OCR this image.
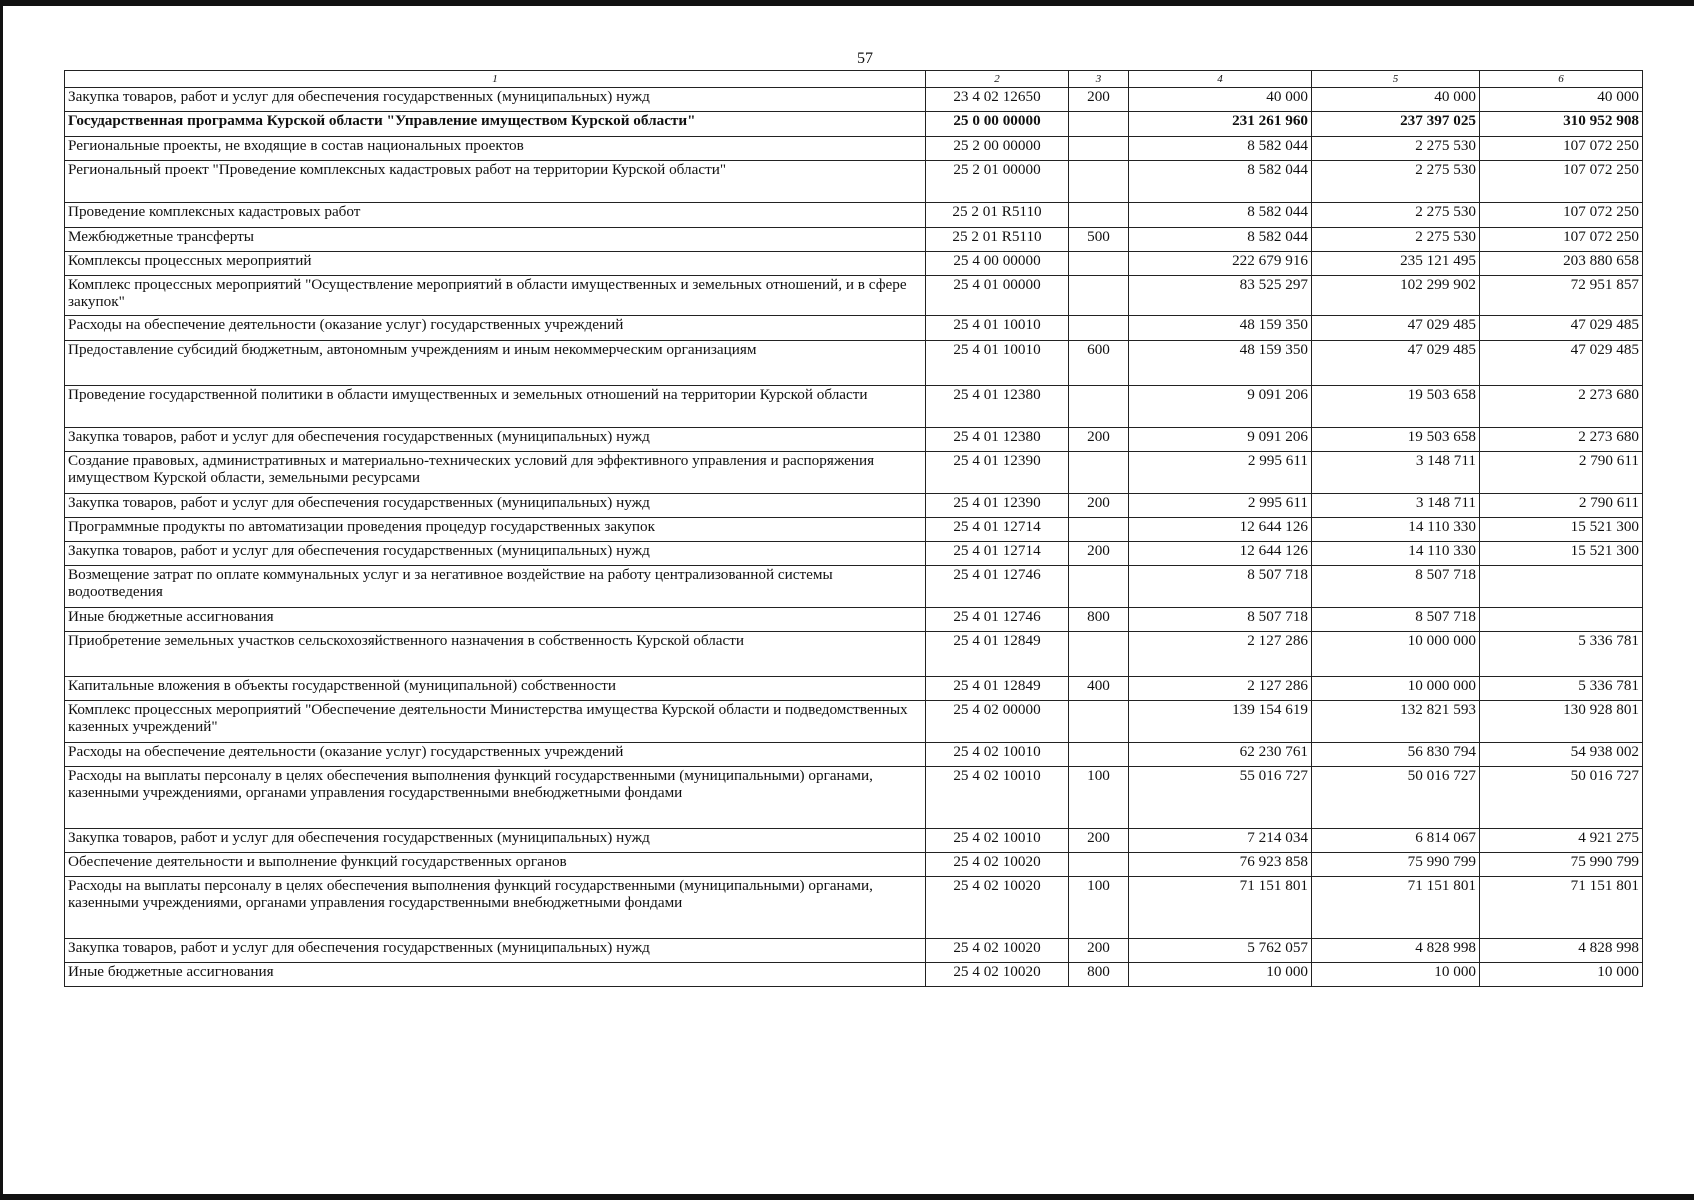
57
1	2	3	4	5	6
Закупка товаров, работ и услуг для обеспечения государственных (муниципальных) нужд	23 4 02 12650	200	40 000	40 000	40 000
Государственная программа Курской области "Управление имуществом Курской области"	25 0 00 00000		231 261 960	237 397 025	310 952 908
Региональные проекты, не входящие в состав национальных проектов	25 2 00 00000		8 582 044	2 275 530	107 072 250
Региональный проект "Проведение комплексных кадастровых работ на территории Курской области"	25 2 01 00000		8 582 044	2 275 530	107 072 250
Проведение комплексных кадастровых работ	25 2 01 R5110		8 582 044	2 275 530	107 072 250
Межбюджетные трансферты	25 2 01 R5110	500	8 582 044	2 275 530	107 072 250
Комплексы процессных мероприятий	25 4 00 00000		222 679 916	235 121 495	203 880 658
Комплекс процессных мероприятий "Осуществление мероприятий в области имущественных и земельных отношений, и в сфере закупок"	25 4 01 00000		83 525 297	102 299 902	72 951 857
Расходы на обеспечение деятельности (оказание услуг) государственных учреждений	25 4 01 10010		48 159 350	47 029 485	47 029 485
Предоставление субсидий бюджетным, автономным учреждениям и иным некоммерческим организациям	25 4 01 10010	600	48 159 350	47 029 485	47 029 485
Проведение государственной политики в области имущественных и земельных отношений на территории Курской области	25 4 01 12380		9 091 206	19 503 658	2 273 680
Закупка товаров, работ и услуг для обеспечения государственных (муниципальных) нужд	25 4 01 12380	200	9 091 206	19 503 658	2 273 680
Создание правовых, административных и материально-технических условий для эффективного управления и распоряжения имуществом Курской области, земельными ресурсами	25 4 01 12390		2 995 611	3 148 711	2 790 611
Закупка товаров, работ и услуг для обеспечения государственных (муниципальных) нужд	25 4 01 12390	200	2 995 611	3 148 711	2 790 611
Программные продукты по автоматизации проведения процедур государственных закупок	25 4 01 12714		12 644 126	14 110 330	15 521 300
Закупка товаров, работ и услуг для обеспечения государственных (муниципальных) нужд	25 4 01 12714	200	12 644 126	14 110 330	15 521 300
Возмещение затрат по оплате коммунальных услуг и за негативное воздействие на работу централизованной системы водоотведения	25 4 01 12746		8 507 718	8 507 718	
Иные бюджетные ассигнования	25 4 01 12746	800	8 507 718	8 507 718	
Приобретение земельных участков сельскохозяйственного назначения в собственность Курской области	25 4 01 12849		2 127 286	10 000 000	5 336 781
Капитальные вложения в объекты государственной (муниципальной) собственности	25 4 01 12849	400	2 127 286	10 000 000	5 336 781
Комплекс процессных мероприятий "Обеспечение деятельности Министерства имущества Курской области и подведомственных казенных учреждений"	25 4 02 00000		139 154 619	132 821 593	130 928 801
Расходы на обеспечение деятельности (оказание услуг) государственных учреждений	25 4 02 10010		62 230 761	56 830 794	54 938 002
Расходы на выплаты персоналу в целях обеспечения выполнения функций государственными (муниципальными) органами, казенными учреждениями, органами управления государственными внебюджетными фондами	25 4 02 10010	100	55 016 727	50 016 727	50 016 727
Закупка товаров, работ и услуг для обеспечения государственных (муниципальных) нужд	25 4 02 10010	200	7 214 034	6 814 067	4 921 275
Обеспечение деятельности и выполнение функций государственных органов	25 4 02 10020		76 923 858	75 990 799	75 990 799
Расходы на выплаты персоналу в целях обеспечения выполнения функций государственными (муниципальными) органами, казенными учреждениями, органами управления государственными внебюджетными фондами	25 4 02 10020	100	71 151 801	71 151 801	71 151 801
Закупка товаров, работ и услуг для обеспечения государственных (муниципальных) нужд	25 4 02 10020	200	5 762 057	4 828 998	4 828 998
Иные бюджетные ассигнования	25 4 02 10020	800	10 000	10 000	10 000
